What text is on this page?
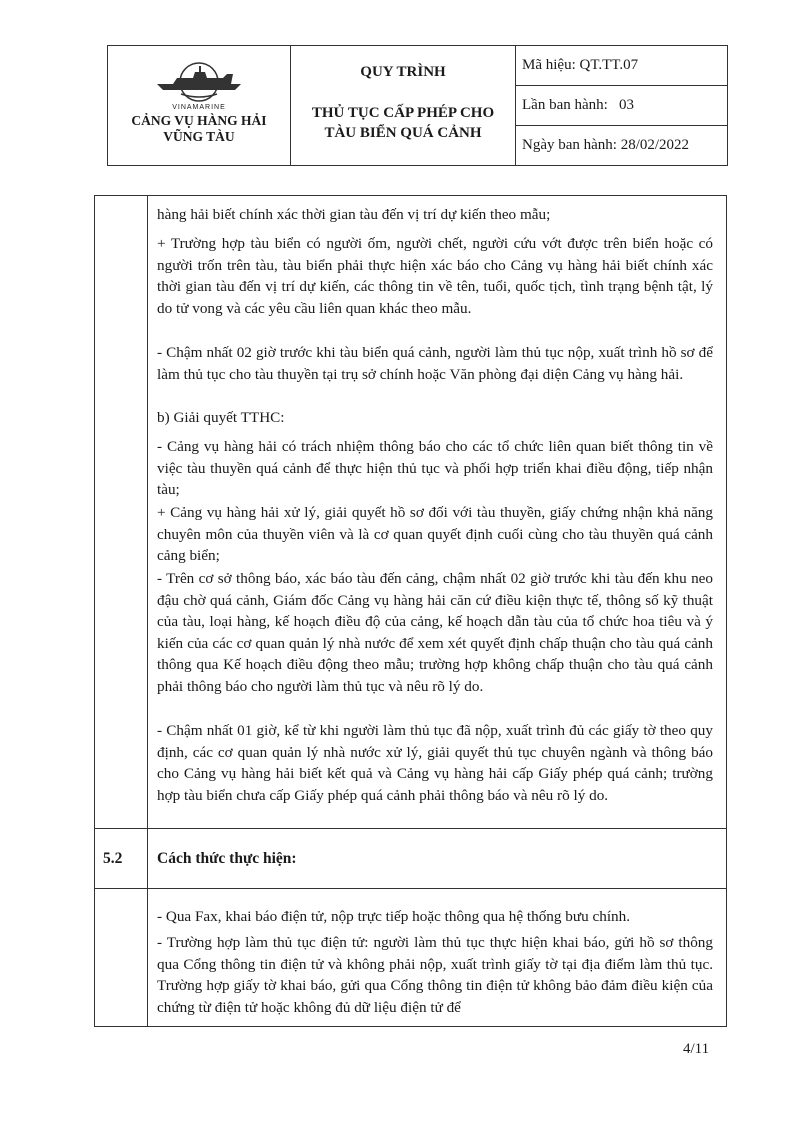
VINAMARINE
CẢNG VỤ HÀNG HẢI
VŨNG TÀU
QUY TRÌNH
THỦ TỤC CẤP PHÉP CHO TÀU BIỂN QUÁ CẢNH
Mã hiệu: QT.TT.07
Lần ban hành:   03
Ngày ban hành: 28/02/2022
hàng hải biết chính xác thời gian tàu đến vị trí dự kiến theo mẫu;
+ Trường hợp tàu biển có người ốm, người chết, người cứu vớt được trên biển hoặc có người trốn trên tàu, tàu biển phải thực hiện xác báo cho Cảng vụ hàng hải biết chính xác thời gian tàu đến vị trí dự kiến, các thông tin về tên, tuổi, quốc tịch, tình trạng bệnh tật, lý do tử vong và các yêu cầu liên quan khác theo mẫu.
- Chậm nhất 02 giờ trước khi tàu biển quá cảnh, người làm thủ tục nộp, xuất trình hồ sơ để làm thủ tục cho tàu thuyền tại trụ sở chính hoặc Văn phòng đại diện Cảng vụ hàng hải.
b) Giải quyết TTHC:
- Cảng vụ hàng hải có trách nhiệm thông báo cho các tổ chức liên quan biết thông tin về việc tàu thuyền quá cảnh để thực hiện thủ tục và phối hợp triển khai điều động, tiếp nhận tàu;
+ Cảng vụ hàng hải xử lý, giải quyết hồ sơ đối với tàu thuyền, giấy chứng nhận khả năng chuyên môn của thuyền viên và là cơ quan quyết định cuối cùng cho tàu thuyền quá cảnh cảng biển;
- Trên cơ sở thông báo, xác báo tàu đến cảng, chậm nhất 02 giờ trước khi tàu đến khu neo đậu chờ quá cảnh, Giám đốc Cảng vụ hàng hải căn cứ điều kiện thực tế, thông số kỹ thuật của tàu, loại hàng, kế hoạch điều độ của cảng, kế hoạch dẫn tàu của tổ chức hoa tiêu và ý kiến của các cơ quan quản lý nhà nước để xem xét quyết định chấp thuận cho tàu quá cảnh thông qua Kế hoạch điều động theo mẫu; trường hợp không chấp thuận cho tàu quá cảnh phải thông báo cho người làm thủ tục và nêu rõ lý do.
- Chậm nhất 01 giờ, kể từ khi người làm thủ tục đã nộp, xuất trình đủ các giấy tờ theo quy định, các cơ quan quản lý nhà nước xử lý, giải quyết thủ tục chuyên ngành và thông báo cho Cảng vụ hàng hải biết kết quả và Cảng vụ hàng hải cấp Giấy phép quá cảnh; trường hợp tàu biển chưa cấp Giấy phép quá cảnh phải thông báo và nêu rõ lý do.
5.2 Cách thức thực hiện:
- Qua Fax, khai báo điện tử, nộp trực tiếp hoặc thông qua hệ thống bưu chính.
- Trường hợp làm thủ tục điện tử: người làm thủ tục thực hiện khai báo, gửi hồ sơ thông qua Cổng thông tin điện tử và không phải nộp, xuất trình giấy tờ tại địa điểm làm thủ tục. Trường hợp giấy tờ khai báo, gửi qua Cổng thông tin điện tử không bảo đảm điều kiện của chứng từ điện tử hoặc không đủ dữ liệu điện tử để
4/11
